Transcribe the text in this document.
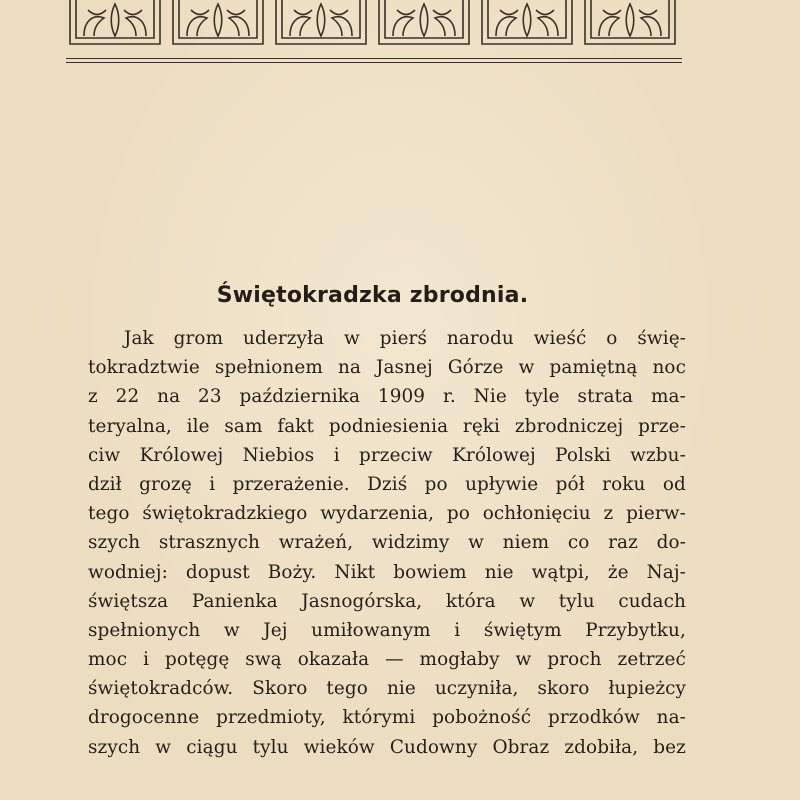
Świętokradzka zbrodnia.
Jak grom uderzyła w pierś narodu wieść o świę-
tokradztwie spełnionem na Jasnej Górze w pamiętną noc
z 22 na 23 października 1909 r. Nie tyle strata ma-
teryalna, ile sam fakt podniesienia ręki zbrodniczej prze-
ciw Królowej Niebios i przeciw Królowej Polski wzbu-
dził grozę i przerażenie. Dziś po upływie pół roku od
tego świętokradzkiego wydarzenia, po ochłonięciu z pierw-
szych strasznych wrażeń, widzimy w niem co raz do-
wodniej: dopust Boży. Nikt bowiem nie wątpi, że Naj-
świętsza Panienka Jasnogórska, która w tylu cudach
spełnionych w Jej umiłowanym i świętym Przybytku,
moc i potęgę swą okazała — mogłaby w proch zetrzeć
świętokradców. Skoro tego nie uczyniła, skoro łupieżcy
drogocenne przedmioty, którymi pobożność przodków na-
szych w ciągu tylu wieków Cudowny Obraz zdobiła, bez
